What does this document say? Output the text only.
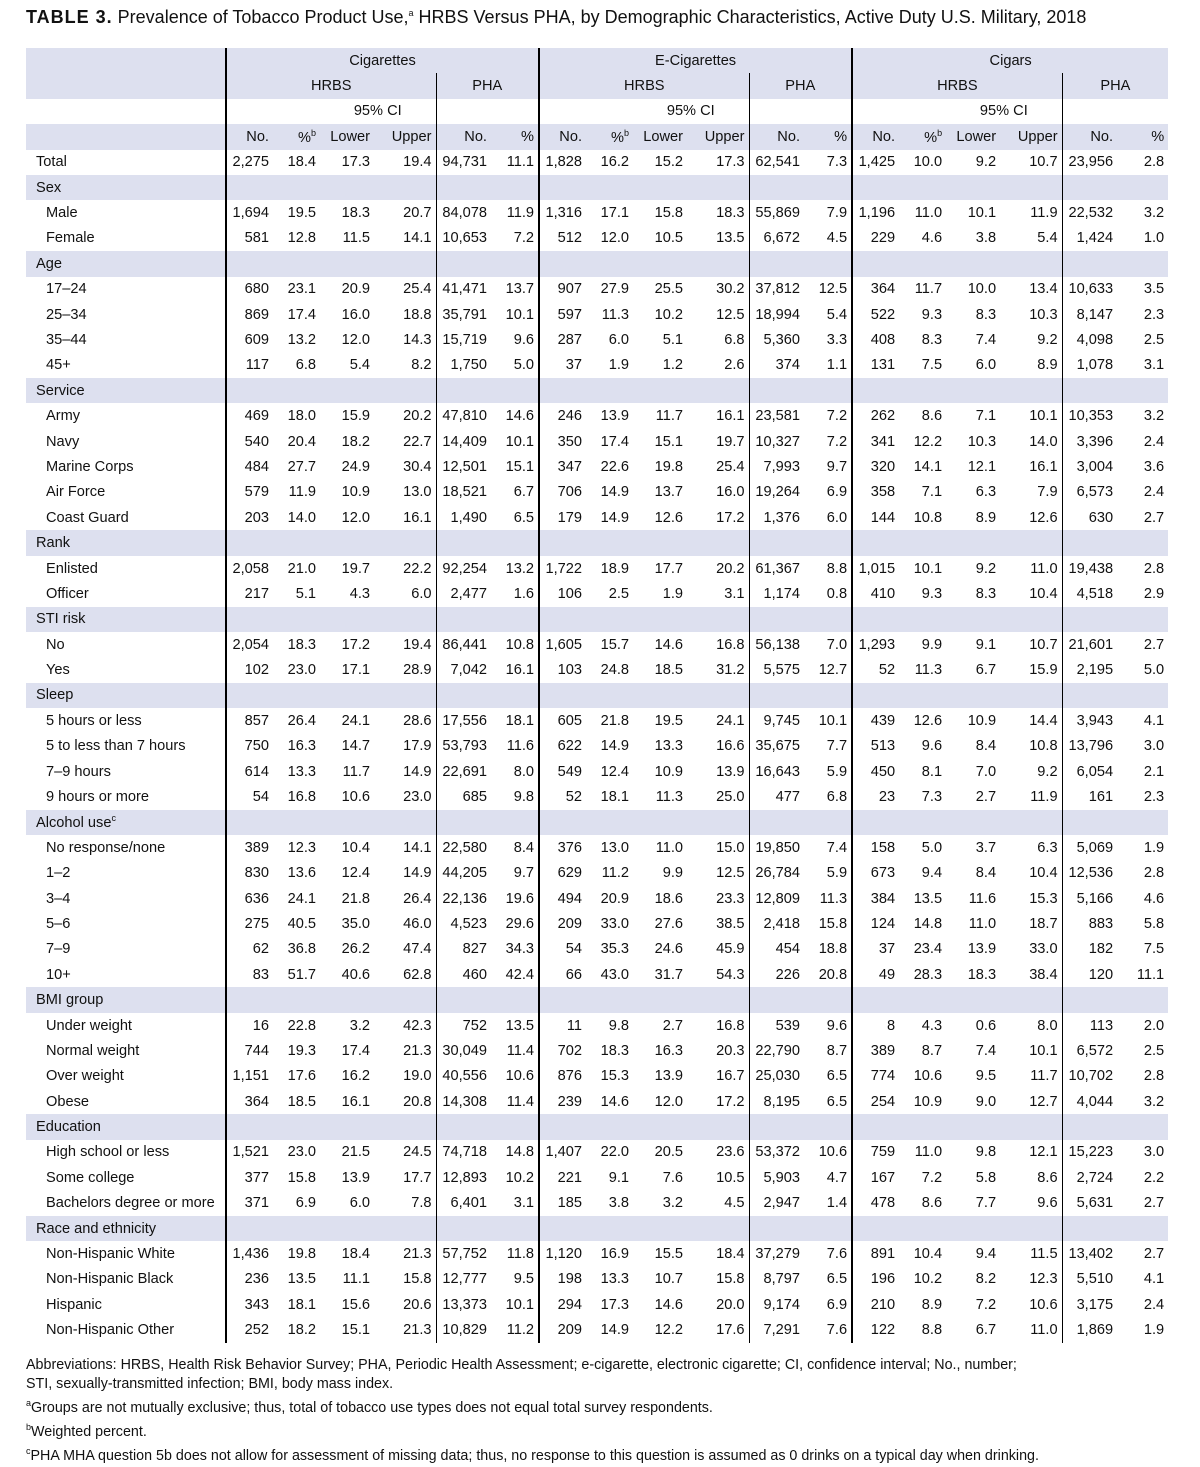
TABLE 3. Prevalence of Tobacco Product Use,$^a$ HRBS Versus PHA, by Demographic Characteristics, Active Duty U.S. Military, 2018
	Cigarettes						E-Cigarettes						Cigars					
	HRBS				PHA		HRBS				PHA		HRBS				PHA	
			95% CI						95% CI						95% CI			
	No.	%$^b$	Lower	Upper	No.	%	No.	%$^b$	Lower	Upper	No.	%	No.	%$^b$	Lower	Upper	No.	%
Total	2,275	18.4	17.3	19.4	94,731	11.1	1,828	16.2	15.2	17.3	62,541	7.3	1,425	10.0	9.2	10.7	23,956	2.8
Sex																		
Male	1,694	19.5	18.3	20.7	84,078	11.9	1,316	17.1	15.8	18.3	55,869	7.9	1,196	11.0	10.1	11.9	22,532	3.2
Female	581	12.8	11.5	14.1	10,653	7.2	512	12.0	10.5	13.5	6,672	4.5	229	4.6	3.8	5.4	1,424	1.0
Age																		
17–24	680	23.1	20.9	25.4	41,471	13.7	907	27.9	25.5	30.2	37,812	12.5	364	11.7	10.0	13.4	10,633	3.5
25–34	869	17.4	16.0	18.8	35,791	10.1	597	11.3	10.2	12.5	18,994	5.4	522	9.3	8.3	10.3	8,147	2.3
35–44	609	13.2	12.0	14.3	15,719	9.6	287	6.0	5.1	6.8	5,360	3.3	408	8.3	7.4	9.2	4,098	2.5
45+	117	6.8	5.4	8.2	1,750	5.0	37	1.9	1.2	2.6	374	1.1	131	7.5	6.0	8.9	1,078	3.1
Service																		
Army	469	18.0	15.9	20.2	47,810	14.6	246	13.9	11.7	16.1	23,581	7.2	262	8.6	7.1	10.1	10,353	3.2
Navy	540	20.4	18.2	22.7	14,409	10.1	350	17.4	15.1	19.7	10,327	7.2	341	12.2	10.3	14.0	3,396	2.4
Marine Corps	484	27.7	24.9	30.4	12,501	15.1	347	22.6	19.8	25.4	7,993	9.7	320	14.1	12.1	16.1	3,004	3.6
Air Force	579	11.9	10.9	13.0	18,521	6.7	706	14.9	13.7	16.0	19,264	6.9	358	7.1	6.3	7.9	6,573	2.4
Coast Guard	203	14.0	12.0	16.1	1,490	6.5	179	14.9	12.6	17.2	1,376	6.0	144	10.8	8.9	12.6	630	2.7
Rank																		
Enlisted	2,058	21.0	19.7	22.2	92,254	13.2	1,722	18.9	17.7	20.2	61,367	8.8	1,015	10.1	9.2	11.0	19,438	2.8
Officer	217	5.1	4.3	6.0	2,477	1.6	106	2.5	1.9	3.1	1,174	0.8	410	9.3	8.3	10.4	4,518	2.9
STI risk																		
No	2,054	18.3	17.2	19.4	86,441	10.8	1,605	15.7	14.6	16.8	56,138	7.0	1,293	9.9	9.1	10.7	21,601	2.7
Yes	102	23.0	17.1	28.9	7,042	16.1	103	24.8	18.5	31.2	5,575	12.7	52	11.3	6.7	15.9	2,195	5.0
Sleep																		
5 hours or less	857	26.4	24.1	28.6	17,556	18.1	605	21.8	19.5	24.1	9,745	10.1	439	12.6	10.9	14.4	3,943	4.1
5 to less than 7 hours	750	16.3	14.7	17.9	53,793	11.6	622	14.9	13.3	16.6	35,675	7.7	513	9.6	8.4	10.8	13,796	3.0
7–9 hours	614	13.3	11.7	14.9	22,691	8.0	549	12.4	10.9	13.9	16,643	5.9	450	8.1	7.0	9.2	6,054	2.1
9 hours or more	54	16.8	10.6	23.0	685	9.8	52	18.1	11.3	25.0	477	6.8	23	7.3	2.7	11.9	161	2.3
Alcohol use$^c$																		
No response/none	389	12.3	10.4	14.1	22,580	8.4	376	13.0	11.0	15.0	19,850	7.4	158	5.0	3.7	6.3	5,069	1.9
1–2	830	13.6	12.4	14.9	44,205	9.7	629	11.2	9.9	12.5	26,784	5.9	673	9.4	8.4	10.4	12,536	2.8
3–4	636	24.1	21.8	26.4	22,136	19.6	494	20.9	18.6	23.3	12,809	11.3	384	13.5	11.6	15.3	5,166	4.6
5–6	275	40.5	35.0	46.0	4,523	29.6	209	33.0	27.6	38.5	2,418	15.8	124	14.8	11.0	18.7	883	5.8
7–9	62	36.8	26.2	47.4	827	34.3	54	35.3	24.6	45.9	454	18.8	37	23.4	13.9	33.0	182	7.5
10+	83	51.7	40.6	62.8	460	42.4	66	43.0	31.7	54.3	226	20.8	49	28.3	18.3	38.4	120	11.1
BMI group																		
Under weight	16	22.8	3.2	42.3	752	13.5	11	9.8	2.7	16.8	539	9.6	8	4.3	0.6	8.0	113	2.0
Normal weight	744	19.3	17.4	21.3	30,049	11.4	702	18.3	16.3	20.3	22,790	8.7	389	8.7	7.4	10.1	6,572	2.5
Over weight	1,151	17.6	16.2	19.0	40,556	10.6	876	15.3	13.9	16.7	25,030	6.5	774	10.6	9.5	11.7	10,702	2.8
Obese	364	18.5	16.1	20.8	14,308	11.4	239	14.6	12.0	17.2	8,195	6.5	254	10.9	9.0	12.7	4,044	3.2
Education																		
High school or less	1,521	23.0	21.5	24.5	74,718	14.8	1,407	22.0	20.5	23.6	53,372	10.6	759	11.0	9.8	12.1	15,223	3.0
Some college	377	15.8	13.9	17.7	12,893	10.2	221	9.1	7.6	10.5	5,903	4.7	167	7.2	5.8	8.6	2,724	2.2
Bachelors degree or more	371	6.9	6.0	7.8	6,401	3.1	185	3.8	3.2	4.5	2,947	1.4	478	8.6	7.7	9.6	5,631	2.7
Race and ethnicity																		
Non-Hispanic White	1,436	19.8	18.4	21.3	57,752	11.8	1,120	16.9	15.5	18.4	37,279	7.6	891	10.4	9.4	11.5	13,402	2.7
Non-Hispanic Black	236	13.5	11.1	15.8	12,777	9.5	198	13.3	10.7	15.8	8,797	6.5	196	10.2	8.2	12.3	5,510	4.1
Hispanic	343	18.1	15.6	20.6	13,373	10.1	294	17.3	14.6	20.0	9,174	6.9	210	8.9	7.2	10.6	3,175	2.4
Non-Hispanic Other	252	18.2	15.1	21.3	10,829	11.2	209	14.9	12.2	17.6	7,291	7.6	122	8.8	6.7	11.0	1,869	1.9
Abbreviations: HRBS, Health Risk Behavior Survey; PHA, Periodic Health Assessment; e-cigarette, electronic cigarette; CI, confidence interval; No., number;
STI, sexually-transmitted infection; BMI, body mass index.
$^a$Groups are not mutually exclusive; thus, total of tobacco use types does not equal total survey respondents.
$^b$Weighted percent.
$^c$PHA MHA question 5b does not allow for assessment of missing data; thus, no response to this question is assumed as 0 drinks on a typical day when drinking.
